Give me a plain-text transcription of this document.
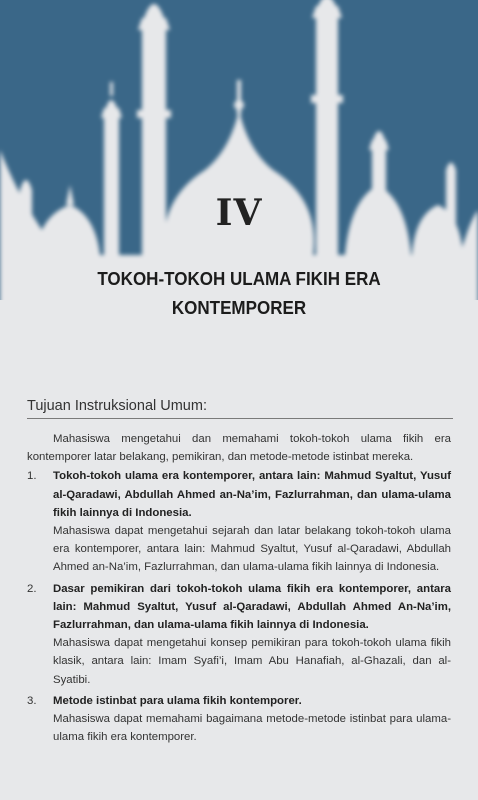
IV
TOKOH-TOKOH ULAMA FIKIH ERA KONTEMPORER
Tujuan Instruksional Umum:

Mahasiswa mengetahui dan memahami tokoh-tokoh ulama fikih era kontemporer latar belakang, pemikiran, dan metode-metode istinbat mereka.

1. Tokoh-tokoh ulama era kontemporer, antara lain: Mahmud Syaltut, Yusuf al-Qaradawi, Abdullah Ahmed an-Na’im, Fazlurrahman, dan ulama-ulama fikih lainnya di Indonesia.
Mahasiswa dapat mengetahui sejarah dan latar belakang tokoh-tokoh ulama era kontemporer, antara lain: Mahmud Syaltut, Yusuf al-Qaradawi, Abdullah Ahmed an-Na’im, Fazlurrahman, dan ulama-ulama fikih lainnya di Indonesia.
2. Dasar pemikiran dari tokoh-tokoh ulama fikih era kontemporer, antara lain: Mahmud Syaltut, Yusuf al-Qaradawi, Abdullah Ahmed An-Na’im, Fazlurrahman, dan ulama-ulama fikih lainnya di Indonesia.
Mahasiswa dapat mengetahui konsep pemikiran para tokoh-tokoh ulama fikih klasik, antara lain: Imam Syafi’i, Imam Abu Hanafiah, al-Ghazali, dan al-Syatibi.
3. Metode istinbat para ulama fikih kontemporer.
Mahasiswa dapat memahami bagaimana metode-metode istinbat para ulama-ulama fikih era kontemporer.
